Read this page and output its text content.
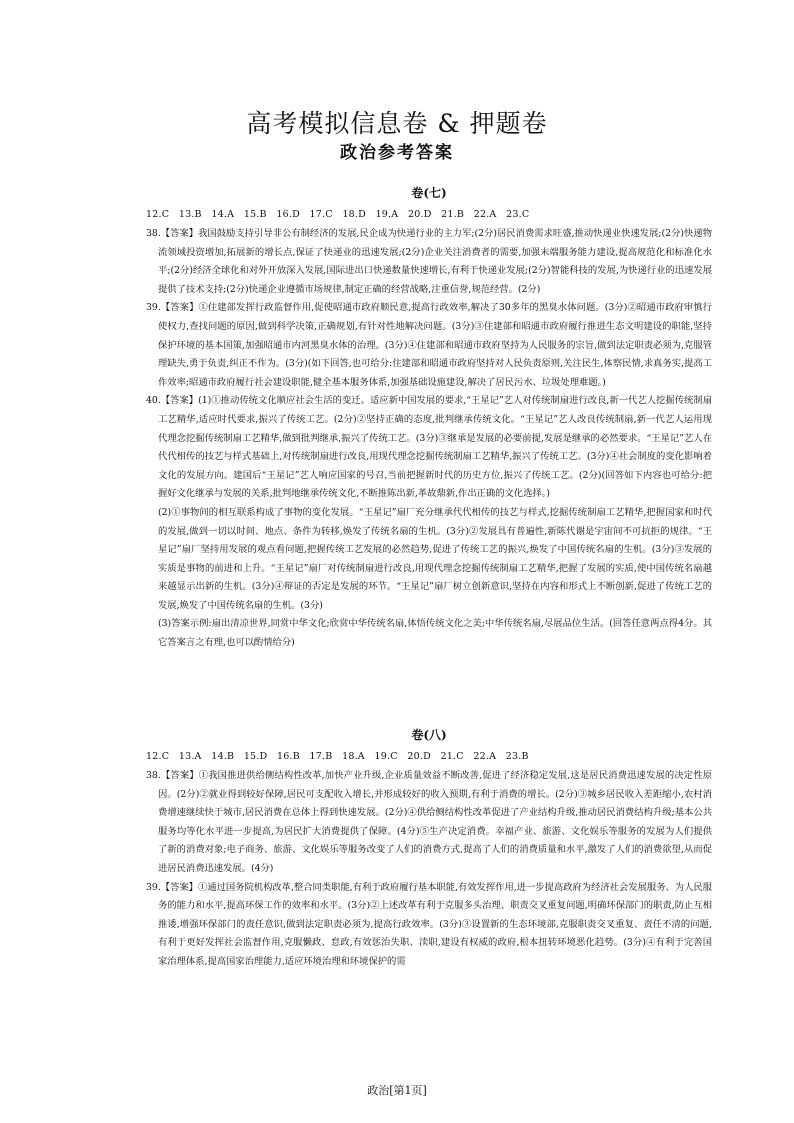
高考模拟信息卷 & 押题卷
政治参考答案
卷(七)
12.C   13.B   14.A   15.B   16.D   17.C   18.D   19.A   20.D   21.B   22.A   23.C

38.【答案】我国鼓励支持引导非公有制经济的发展,民企成为快递行业的主力军;(2分)居民消费需求旺盛,推动快递业快速发展;(2分)快递物流领域投资增加,拓展新的增长点,保证了快递业的迅速发展;(2分)企业关注消费者的需要,加强末端服务能力建设,提高规范化和标准化水平;(2分)经济全球化和对外开放深入发展,国际进出口快递数量快速增长,有利于快递业发展;(2分)智能科技的发展,为快递行业的迅速发展提供了技术支持;(2分)快递企业遵循市场规律,制定正确的经营战略,注重信誉,规范经营。(2分)

39.【答案】①住建部发挥行政监督作用,促使昭通市政府顺民意,提高行政效率,解决了30多年的黑臭水体问题。(3分)②昭通市政府审慎行使权力,查找问题的原因,做到科学决策,正确规划,有针对性地解决问题。(3分)③住建部和昭通市政府履行推进生态文明建设的职能,坚持保护环境的基本国策,加强昭通市内河黑臭水体的治理。(3分)④住建部和昭通市政府坚持为人民服务的宗旨,做到法定职责必须为,克服管理缺失,勇于负责,纠正不作为。(3分)(如下回答,也可给分:住建部和昭通市政府坚持对人民负责原则,关注民生,体察民情,求真务实,提高工作效率;昭通市政府履行社会建设职能,健全基本服务体系,加强基础设施建设,解决了居民污水、垃圾处理难题。)

40.【答案】(1)①推动传统文化顺应社会生活的变迁。适应新中国发展的要求,“王星记”艺人对传统制扇进行改良,新一代艺人挖掘传统制扇工艺精华,适应时代要求,振兴了传统工艺。(2分)②坚持正确的态度,批判继承传统文化。“王星记”艺人改良传统制扇,新一代艺人运用现代理念挖掘传统制扇工艺精华,做到批判继承,振兴了传统工艺。(3分)③继承是发展的必要前提,发展是继承的必然要求。“王星记”艺人在代代相传的技艺与样式基础上,对传统制扇进行改良,用现代理念挖掘传统制扇工艺精华,振兴了传统工艺。(3分)④社会制度的变化影响着文化的发展方向。建国后“王星记”艺人响应国家的号召,当前把握新时代的历史方位,振兴了传统工艺。(2分)(回答如下内容也可给分:把握好文化继承与发展的关系,批判地继承传统文化,不断推陈出新,革故鼎新,作出正确的文化选择。)

(2)①事物间的相互联系构成了事物的变化发展。“王星记”扇厂充分继承代代相传的技艺与样式,挖掘传统制扇工艺精华,把握国家和时代的发展,做到一切以时间、地点、条件为转移,焕发了传统名扇的生机。(3分)②发展具有普遍性,新陈代谢是宇宙间不可抗拒的规律。“王星记”扇厂坚持用发展的观点看问题,把握传统工艺发展的必然趋势,促进了传统工艺的振兴,焕发了中国传统名扇的生机。(3分)③发展的实质是事物的前进和上升。“王星记”扇厂对传统制扇进行改良,用现代理念挖掘传统制扇工艺精华,把握了发展的实质,使中国传统名扇越来越显示出新的生机。(3分)④辩证的否定是发展的环节。“王星记”扇厂树立创新意识,坚持在内容和形式上不断创新,促进了传统工艺的发展,焕发了中国传统名扇的生机。(3分)

(3)答案示例:扇出清凉世界,同赏中华文化;欣赏中华传统名扇,体悟传统文化之美;中华传统名扇,尽展品位生活。(回答任意两点得4分。其它答案言之有理,也可以酌情给分)

卷(八)
12.C   13.A   14.B   15.D   16.B   17.B   18.A   19.C   20.D   21.C   22.A   23.B

38.【答案】①我国推进供给侧结构性改革,加快产业升级,企业质量效益不断改善,促进了经济稳定发展,这是居民消费迅速发展的决定性原因。(2分)②就业得到较好保障,居民可支配收入增长,并形成较好的收入预期,有利于消费的增长。(2分)③城乡居民收入差距缩小,农村消费增速继续快于城市,居民消费在总体上得到快速发展。(2分)④供给侧结构性改革促进了产业结构升级,推动居民消费结构升级;基本公共服务均等化水平进一步提高,为居民扩大消费提供了保障。(4分)⑤生产决定消费。幸福产业、旅游、文化娱乐等服务的发展为人们提供了新的消费对象;电子商务、旅游、文化娱乐等服务改变了人们的消费方式,提高了人们的消费质量和水平,激发了人们的消费欲望,从而促进居民消费迅速发展。(4分)

39.【答案】①通过国务院机构改革,整合同类职能,有利于政府履行基本职能,有效发挥作用,进一步提高政府为经济社会发展服务、为人民服务的能力和水平,提高环保工作的效率和水平。(3分)②上述改革有利于克服多头治理、职责交叉重复问题,明确环保部门的职责,防止互相推诿,增强环保部门的责任意识,做到法定职责必须为,提高行政效率。(3分)③设置新的生态环境部,克服职责交叉重复、责任不清的问题,有利于更好发挥社会监督作用,克服懒政、怠政,有效惩治失职、渎职,建设有权威的政府,根本扭转环境恶化趋势。(3分)④有利于完善国家治理体系,提高国家治理能力,适应环境治理和环境保护的需

政治[第1页]
